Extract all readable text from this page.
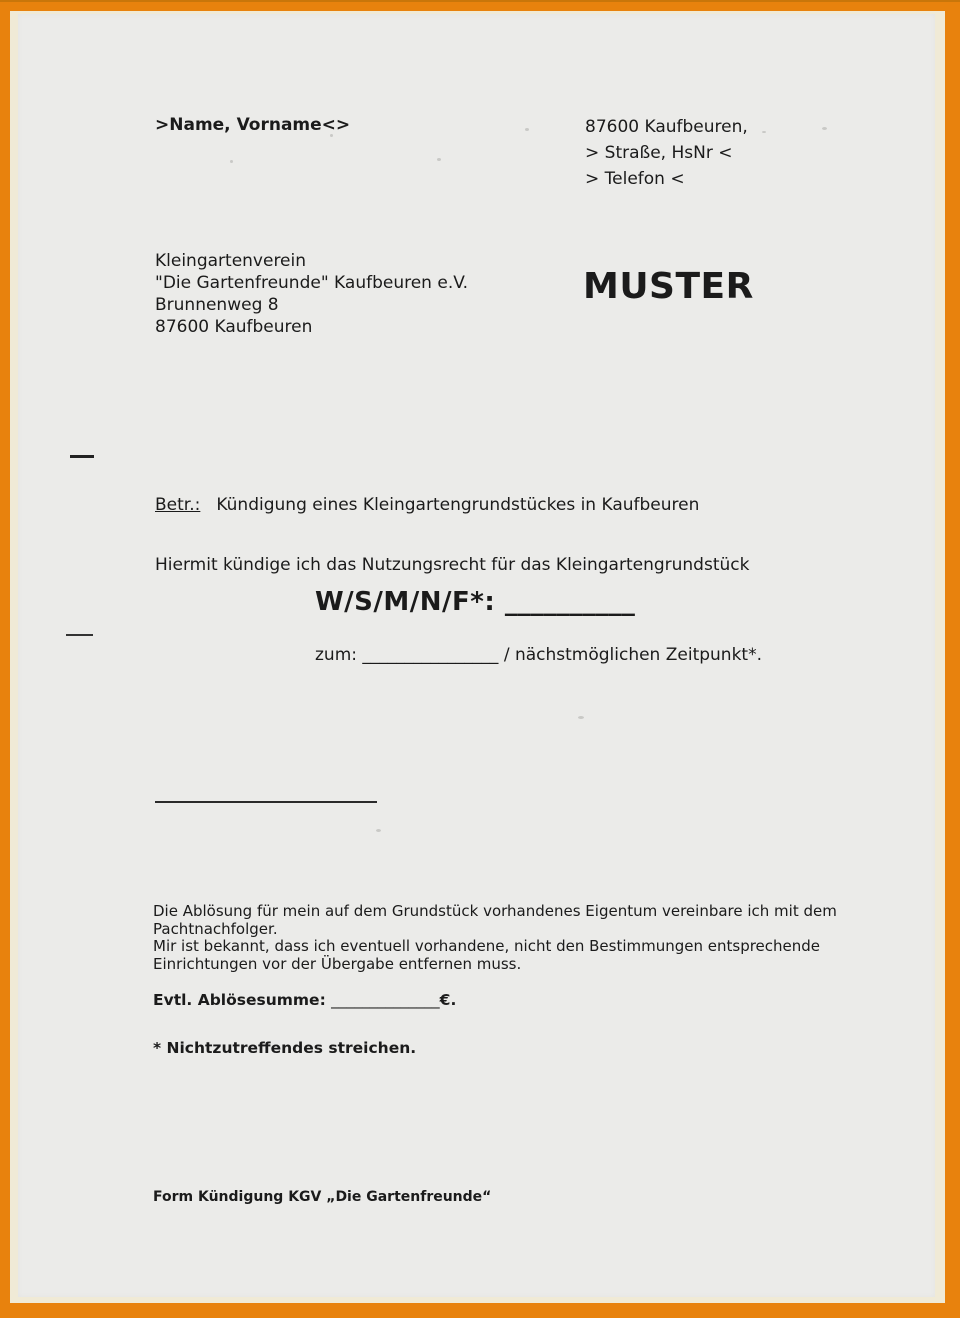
>Name, Vorname<>	87600 Kaufbeuren,
> Straße, HsNr <
> Telefon <
Kleingartenverein
"Die Gartenfreunde" Kaufbeuren e.V.
Brunnenweg 8
87600 Kaufbeuren
MUSTER
Betr.: Kündigung eines Kleingartengrundstückes in Kaufbeuren
Hiermit kündige ich das Nutzungsrecht für das Kleingartengrundstück
W/S/M/N/F*: __________
zum: ________________ / nächstmöglichen Zeitpunkt*.
Die Ablösung für mein auf dem Grundstück vorhandenes Eigentum vereinbare ich mit dem
Pachtnachfolger.
Mir ist bekannt, dass ich eventuell vorhandene, nicht den Bestimmungen entsprechende
Einrichtungen vor der Übergabe entfernen muss.
Evtl. Ablösesumme: ______________€.
* Nichtzutreffendes streichen.
Form Kündigung KGV „Die Gartenfreunde“
